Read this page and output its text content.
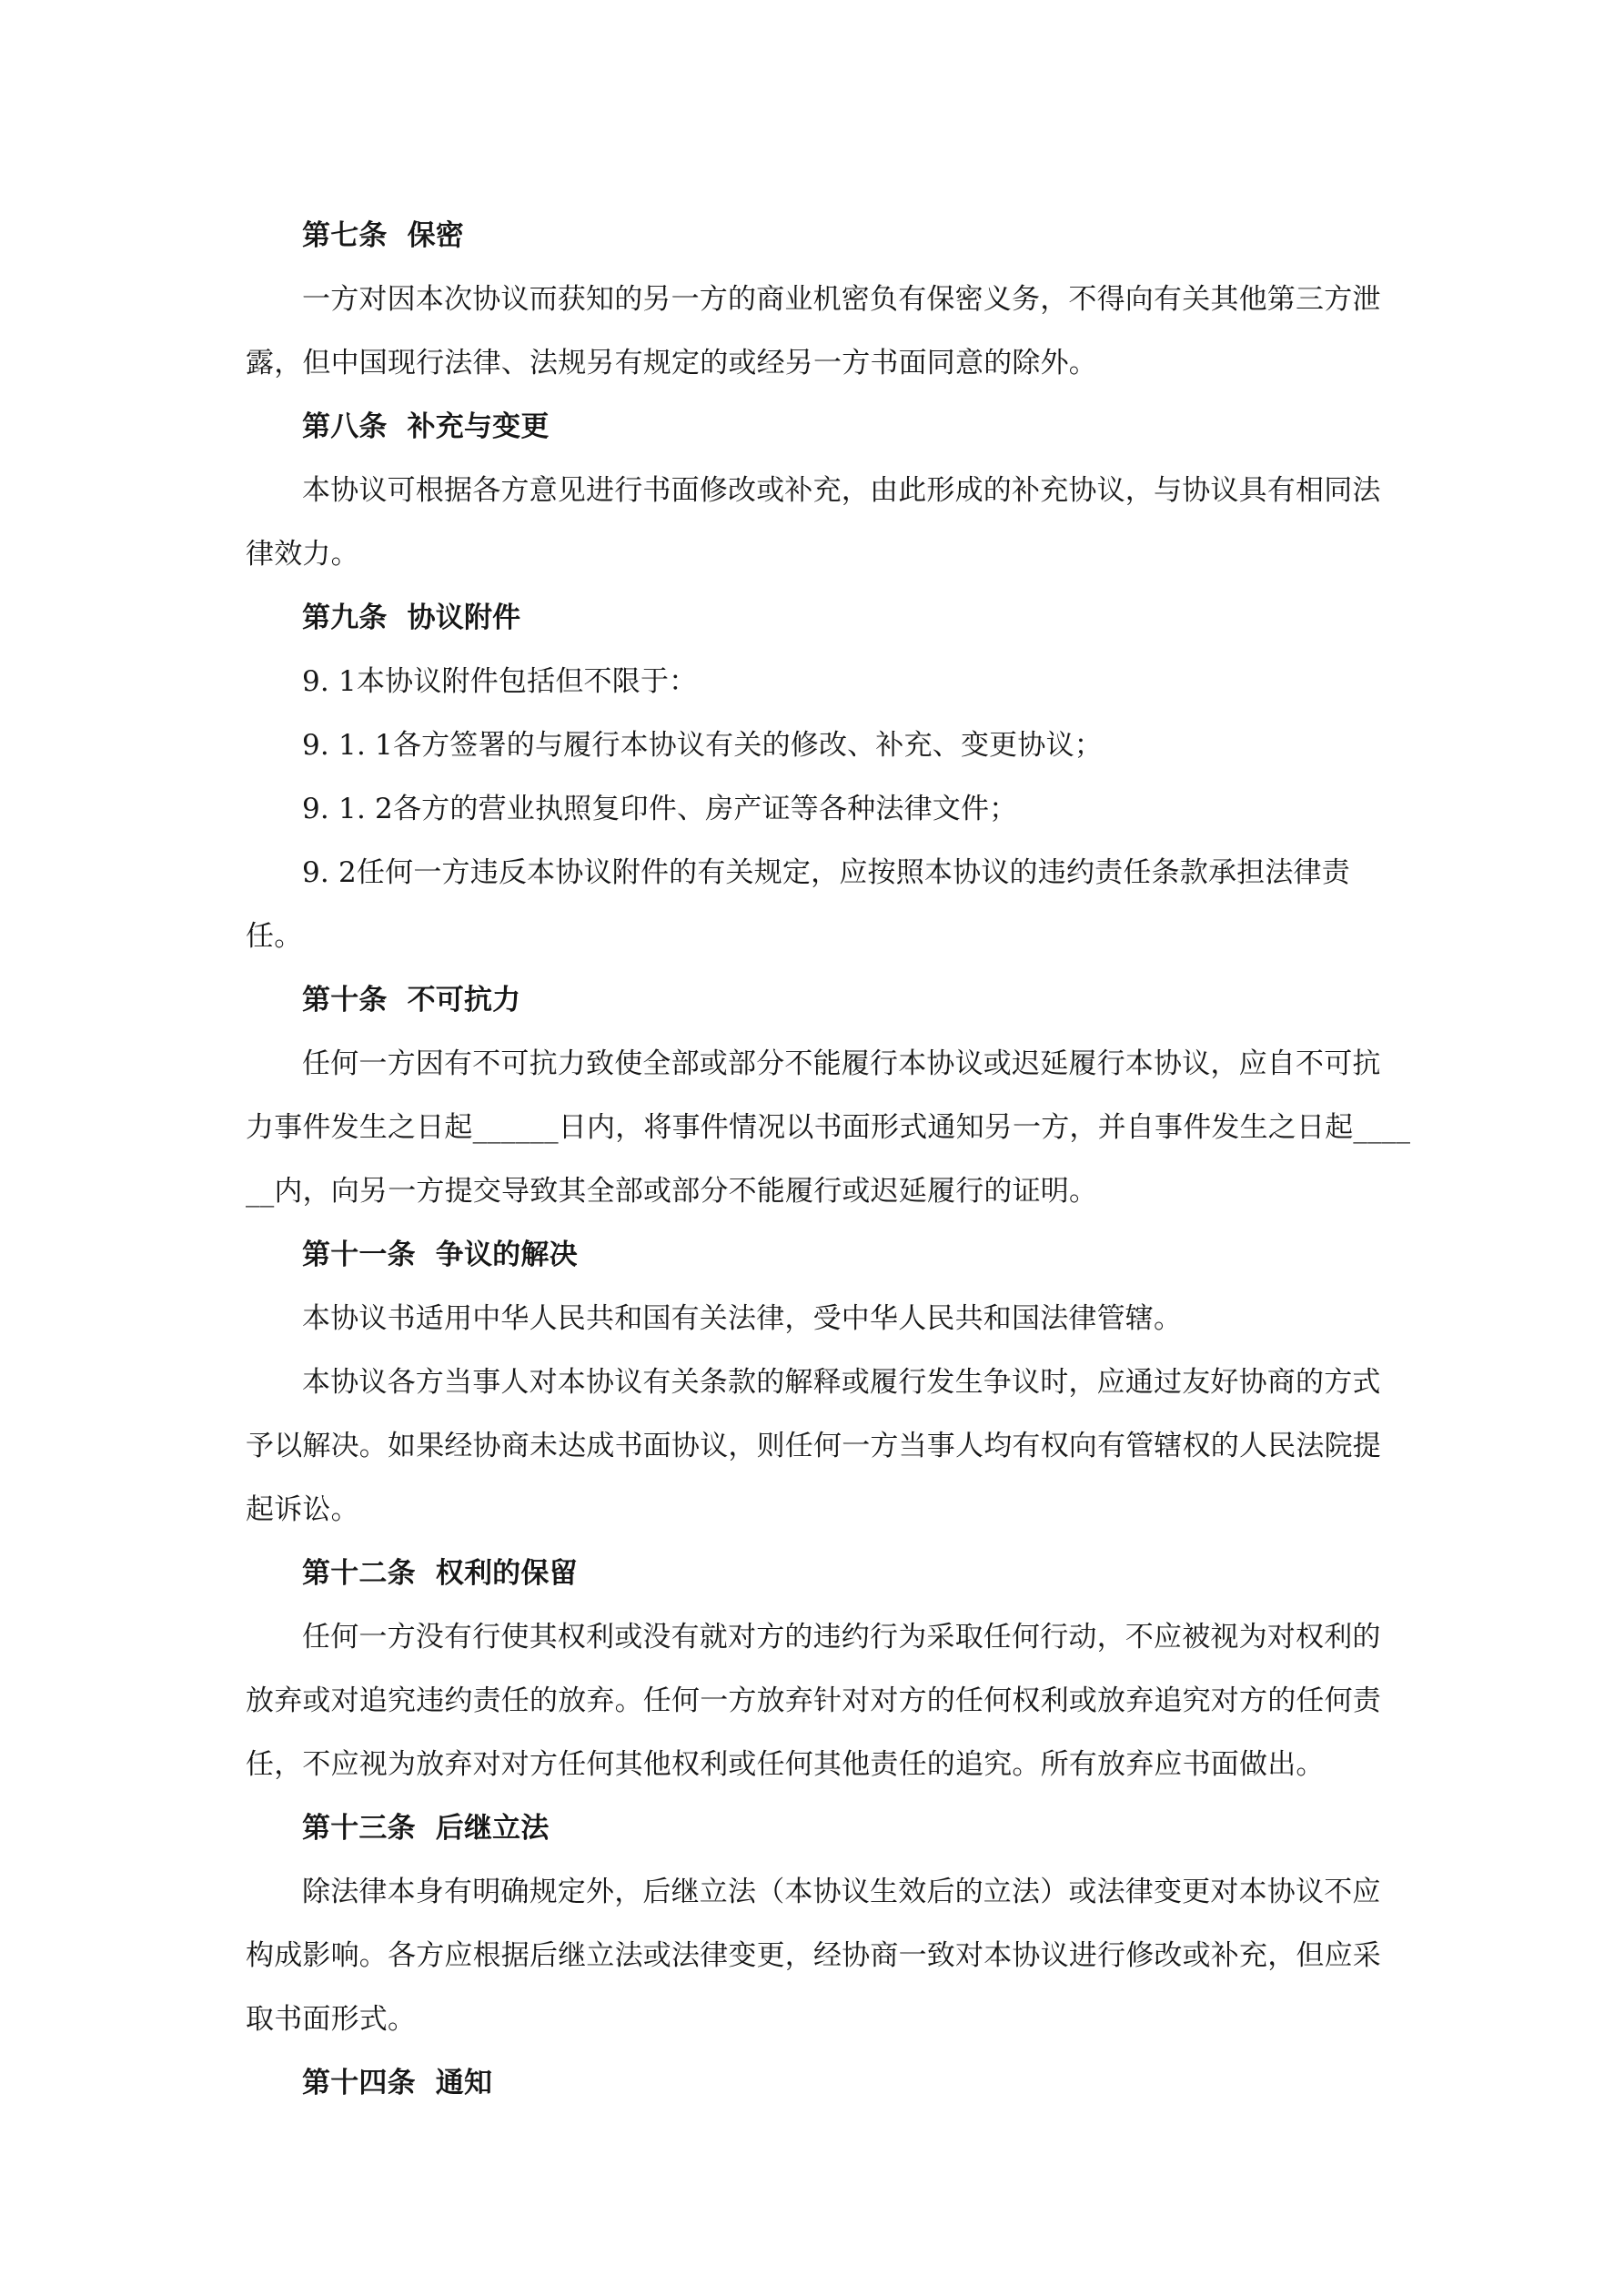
第七条  保密
一方对因本次协议而获知的另一方的商业机密负有保密义务，不得向有关其他第三方泄
露，但中国现行法律、法规另有规定的或经另一方书面同意的除外。
第八条  补充与变更
本协议可根据各方意见进行书面修改或补充，由此形成的补充协议，与协议具有相同法
律效力。
第九条  协议附件
9. 1本协议附件包括但不限于：
9. 1. 1各方签署的与履行本协议有关的修改、补充、变更协议；
9. 1. 2各方的营业执照复印件、房产证等各种法律文件；
9. 2任何一方违反本协议附件的有关规定，应按照本协议的违约责任条款承担法律责
任。
第十条  不可抗力
任何一方因有不可抗力致使全部或部分不能履行本协议或迟延履行本协议，应自不可抗
力事件发生之日起______日内，将事件情况以书面形式通知另一方，并自事件发生之日起____
__内，向另一方提交导致其全部或部分不能履行或迟延履行的证明。
第十一条  争议的解决
本协议书适用中华人民共和国有关法律，受中华人民共和国法律管辖。
本协议各方当事人对本协议有关条款的解释或履行发生争议时，应通过友好协商的方式
予以解决。如果经协商未达成书面协议，则任何一方当事人均有权向有管辖权的人民法院提
起诉讼。
第十二条  权利的保留
任何一方没有行使其权利或没有就对方的违约行为采取任何行动，不应被视为对权利的
放弃或对追究违约责任的放弃。任何一方放弃针对对方的任何权利或放弃追究对方的任何责
任，不应视为放弃对对方任何其他权利或任何其他责任的追究。所有放弃应书面做出。
第十三条  后继立法
除法律本身有明确规定外，后继立法（本协议生效后的立法）或法律变更对本协议不应
构成影响。各方应根据后继立法或法律变更，经协商一致对本协议进行修改或补充，但应采
取书面形式。
第十四条  通知
